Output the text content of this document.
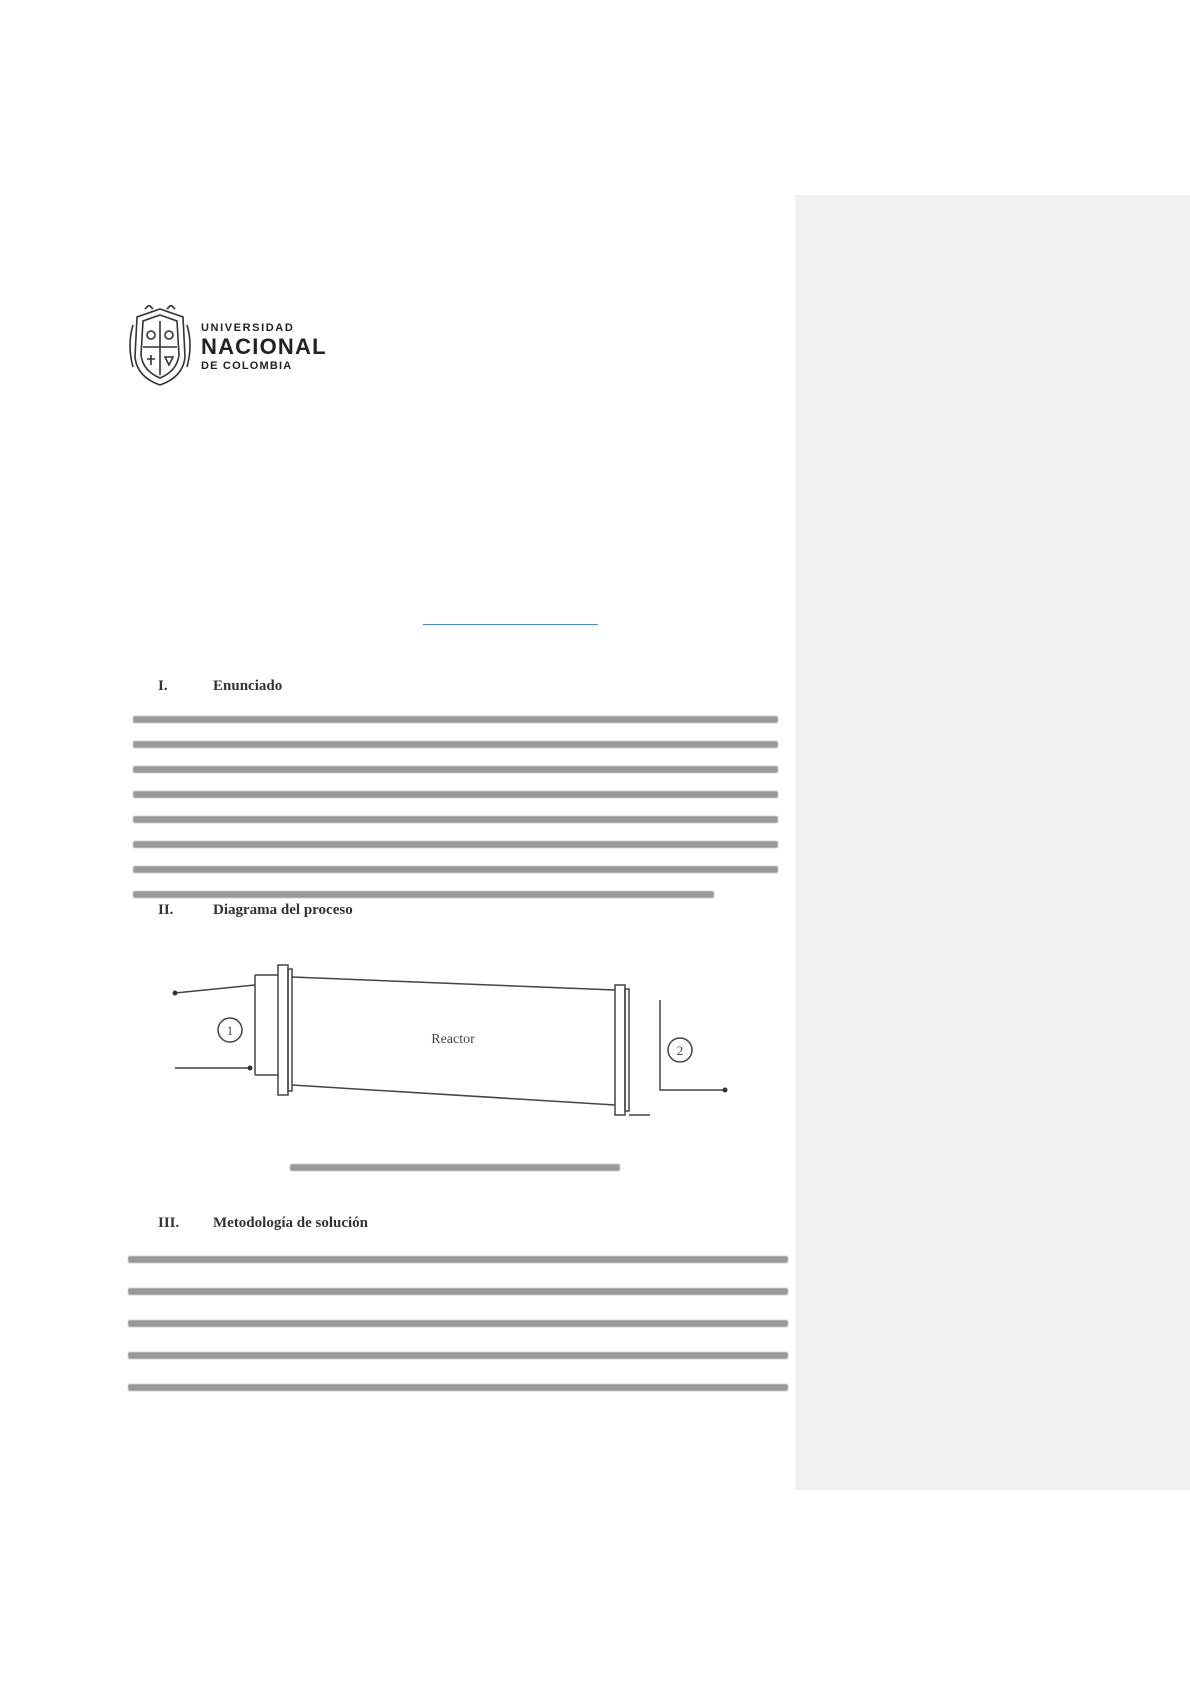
UNIVERSIDAD
NACIONAL
DE COLOMBIA
I.	Enunciado
II.	Diagrama del proceso
Reactor
1
2
III. Metodología de solución
